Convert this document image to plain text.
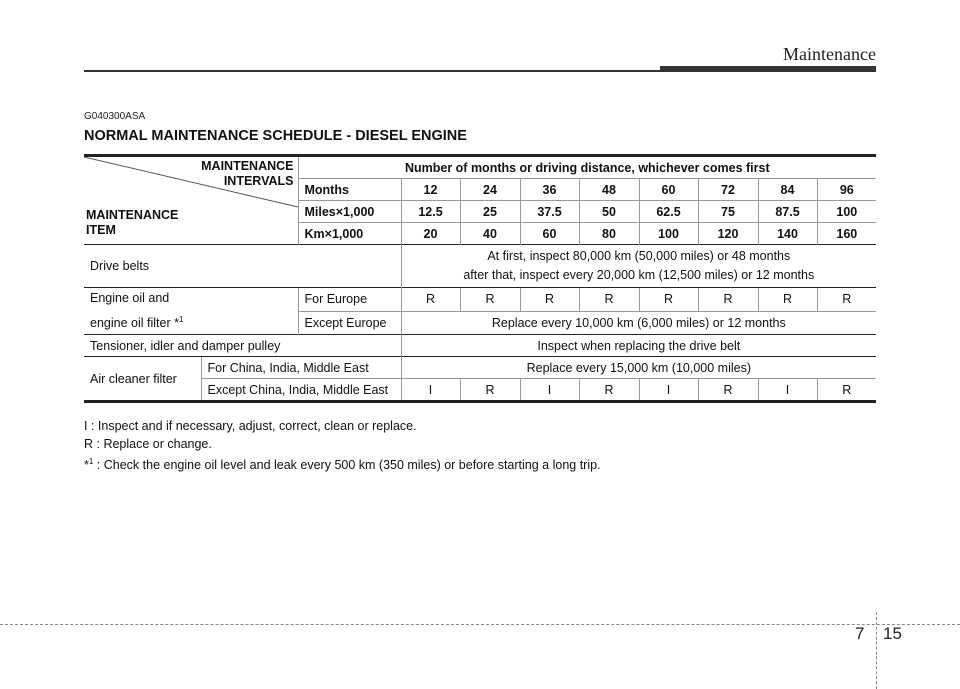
Maintenance
G040300ASA
NORMAL MAINTENANCE SCHEDULE - DIESEL ENGINE
MAINTENANCE
INTERVALS
MAINTENANCE
ITEM		Number of months or driving distance, whichever comes first								
		Months	12	24	36	48	60	72	84	96
		Miles×1,000	12.5	25	37.5	50	62.5	75	87.5	100
		Km×1,000	20	40	60	80	100	120	140	160
Drive belts			At first, inspect 80,000 km (50,000 miles) or 48 months
after that, inspect every 20,000 km (12,500 miles) or 12 months							

Engine oil and
engine oil filter *$^1$		For Europe	R	R	R	R	R	R	R	R
		Except Europe	Replace every 10,000 km (6,000 miles) or 12 months							
Tensioner, idler and damper pulley			Inspect when replacing the drive belt							
Air cleaner filter	For China, India, Middle East		Replace every 15,000 km (10,000 miles)							
	Except China, India, Middle East		I	R	I	R	I	R	I	R
I : Inspect and if necessary, adjust, correct, clean or replace.
R : Replace or change.
*$^1$ : Check the engine oil level and leak every 500 km (350 miles) or before starting a long trip.
7 15
